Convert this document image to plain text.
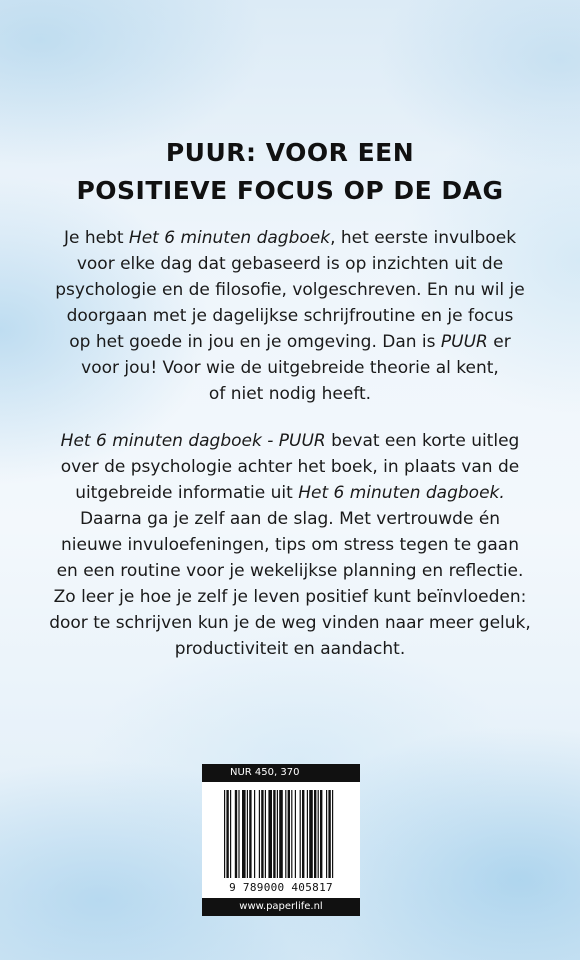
PUUR: VOOR EEN
POSITIEVE FOCUS OP DE DAG
Je hebt Het 6 minuten dagboek, het eerste invulboek
voor elke dag dat gebaseerd is op inzichten uit de
psychologie en de filosofie, volgeschreven. En nu wil je
doorgaan met je dagelijkse schrijfroutine en je focus
op het goede in jou en je omgeving. Dan is PUUR er
voor jou! Voor wie de uitgebreide theorie al kent,
of niet nodig heeft.
Het 6 minuten dagboek - PUUR bevat een korte uitleg
over de psychologie achter het boek, in plaats van de
uitgebreide informatie uit Het 6 minuten dagboek.
Daarna ga je zelf aan de slag. Met vertrouwde én
nieuwe invuloefeningen, tips om stress tegen te gaan
en een routine voor je wekelijkse planning en reflectie.
Zo leer je hoe je zelf je leven positief kunt beïnvloeden:
door te schrijven kun je de weg vinden naar meer geluk,
productiviteit en aandacht.
NUR 450, 370
9 789000 405817
www.paperlife.nl
